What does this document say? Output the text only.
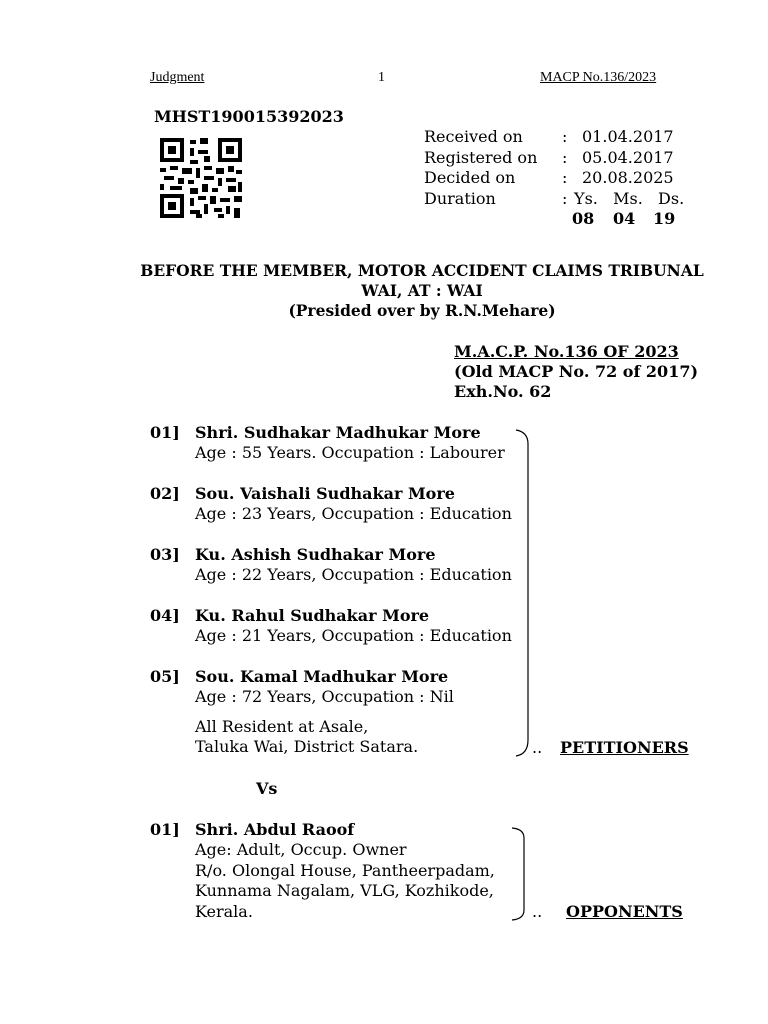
Judgment	1	MACP No.136/2023
MHST190015392023
Received on	: 01.04.2017
Registered on	: 05.04.2017
Decided on	: 20.08.2025
Duration	: Ys.   Ms.   Ds.
08 04 19
BEFORE THE MEMBER, MOTOR ACCIDENT CLAIMS TRIBUNAL
WAI, AT : WAI
(Presided over by R.N.Mehare)
M.A.C.P. No.136 OF 2023
(Old MACP No. 72 of 2017)
Exh.No. 62
01] Shri. Sudhakar Madhukar More
Age : 55 Years. Occupation : Labourer
02] Sou. Vaishali Sudhakar More
Age : 23 Years, Occupation : Education
03] Ku. Ashish Sudhakar More
Age : 22 Years, Occupation : Education
04] Ku. Rahul Sudhakar More
Age : 21 Years, Occupation : Education
05] Sou. Kamal Madhukar More
Age : 72 Years, Occupation : Nil
All Resident at Asale,
Taluka Wai, District Satara.	.. PETITIONERS
Vs
01] Shri. Abdul Raoof
Age: Adult, Occup. Owner
R/o. Olongal House, Pantheerpadam,
Kunnama Nagalam, VLG, Kozhikode,
Kerala.	.. OPPONENTS
